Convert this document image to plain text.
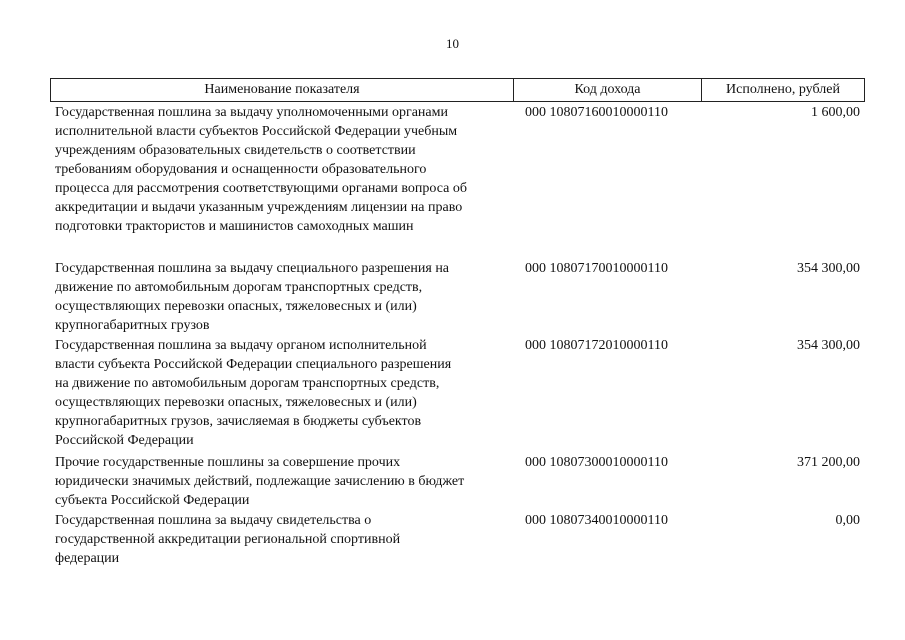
10
Наименование показателя	Код дохода	Исполнено, рублей
Государственная пошлина за выдачу уполномоченными органами
исполнительной власти субъектов Российской Федерации учебным
учреждениям образовательных свидетельств о соответствии
требованиям оборудования и оснащенности образовательного
процесса для рассмотрения соответствующими органами вопроса об
аккредитации и выдачи указанным учреждениям лицензии на право
подготовки трактористов и машинистов самоходных машин
000 10807160010000110	1 600,00
Государственная пошлина за выдачу специального разрешения на
движение по автомобильным дорогам транспортных средств,
осуществляющих перевозки опасных, тяжеловесных и (или)
крупногабаритных грузов
000 10807170010000110	354 300,00
Государственная пошлина за выдачу органом исполнительной
власти субъекта Российской Федерации специального разрешения
на движение по автомобильным дорогам транспортных средств,
осуществляющих перевозки опасных, тяжеловесных и (или)
крупногабаритных грузов, зачисляемая в бюджеты субъектов
Российской Федерации
000 10807172010000110	354 300,00
Прочие государственные пошлины за совершение прочих
юридически значимых действий, подлежащие зачислению в бюджет
субъекта Российской Федерации
000 10807300010000110	371 200,00
Государственная пошлина за выдачу свидетельства о
государственной аккредитации региональной спортивной
федерации
000 10807340010000110	0,00
